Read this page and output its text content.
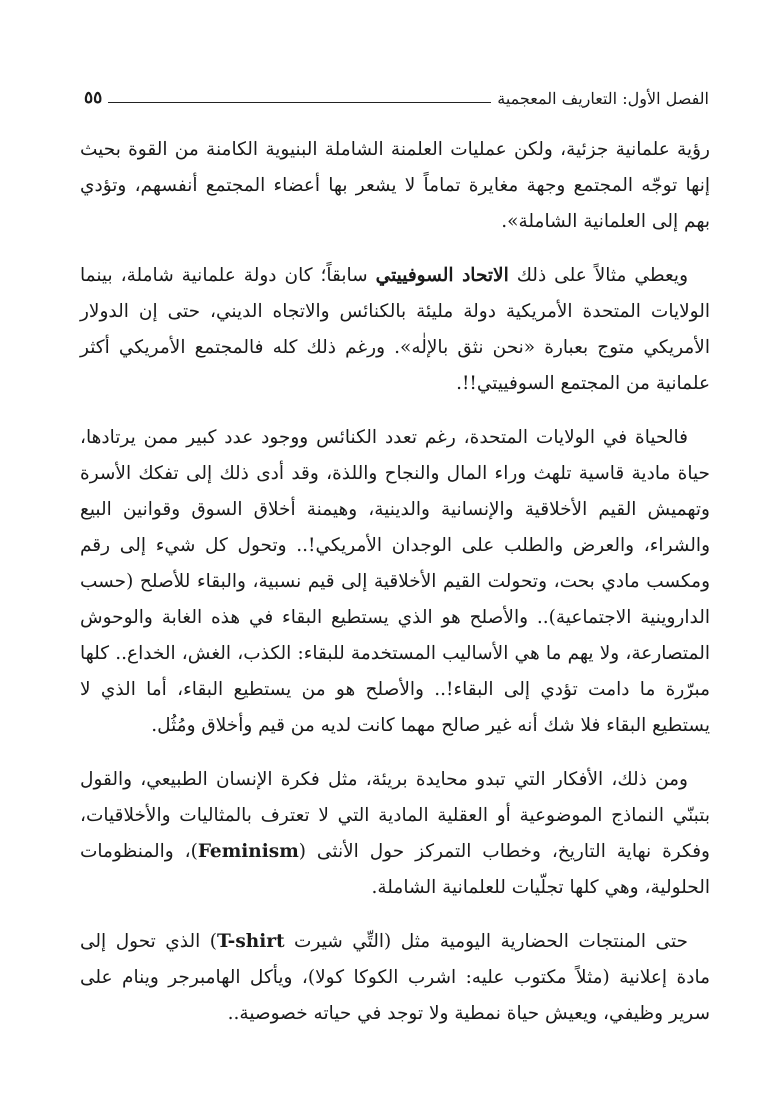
الفصل الأول: التعاريف المعجمية
٥٥

رؤية علمانية جزئية، ولكن عمليات العلمنة الشاملة البنيوية الكامنة من القوة بحيث إنها توجّه المجتمع وجهة مغايرة تماماً لا يشعر بها أعضاء المجتمع أنفسهم، وتؤدي بهم إلى العلمانية الشاملة».

ويعطي مثالاً على ذلك الاتحاد السوفييتي سابقاً؛ كان دولة علمانية شاملة، بينما الولايات المتحدة الأمريكية دولة مليئة بالكنائس والاتجاه الديني، حتى إن الدولار الأمريكي متوج بعبارة «نحن نثق بالإلٰه». ورغم ذلك كله فالمجتمع الأمريكي أكثر علمانية من المجتمع السوفييتي!!.

فالحياة في الولايات المتحدة، رغم تعدد الكنائس ووجود عدد كبير ممن يرتادها، حياة مادية قاسية تلهث وراء المال والنجاح واللذة، وقد أدى ذلك إلى تفكك الأسرة وتهميش القيم الأخلاقية والإنسانية والدينية، وهيمنة أخلاق السوق وقوانين البيع والشراء، والعرض والطلب على الوجدان الأمريكي!.. وتحول كل شيء إلى رقم ومكسب مادي بحت، وتحولت القيم الأخلاقية إلى قيم نسبية، والبقاء للأصلح (حسب الداروينية الاجتماعية).. والأصلح هو الذي يستطيع البقاء في هذه الغابة والوحوش المتصارعة، ولا يهم ما هي الأساليب المستخدمة للبقاء: الكذب، الغش، الخداع.. كلها مبرّرة ما دامت تؤدي إلى البقاء!.. والأصلح هو من يستطيع البقاء، أما الذي لا يستطيع البقاء فلا شك أنه غير صالح مهما كانت لديه من قيم وأخلاق ومُثُل.

ومن ذلك، الأفكار التي تبدو محايدة بريئة، مثل فكرة الإنسان الطبيعي، والقول بتبنّي النماذج الموضوعية أو العقلية المادية التي لا تعترف بالمثاليات والأخلاقيات، وفكرة نهاية التاريخ، وخطاب التمركز حول الأنثى (Feminism)، والمنظومات الحلولية، وهي كلها تجلّيات للعلمانية الشاملة.

حتى المنتجات الحضارية اليومية مثل (التِّي شيرت T-shirt) الذي تحول إلى مادة إعلانية (مثلاً مكتوب عليه: اشرب الكوكا كولا)، ويأكل الهامبرجر وينام على سرير وظيفي، ويعيش حياة نمطية ولا توجد في حياته خصوصية..
